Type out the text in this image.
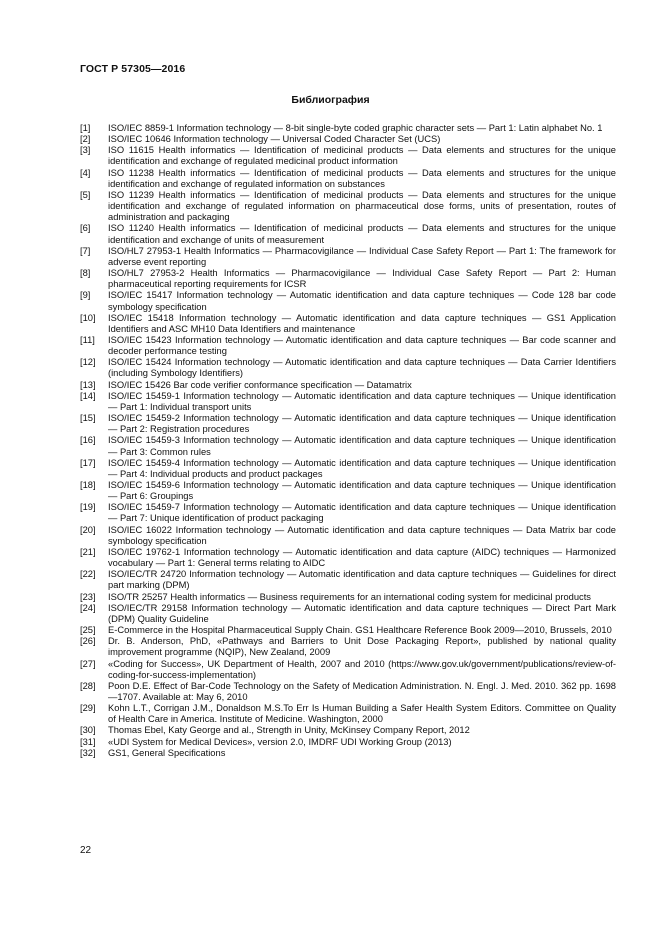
ГОСТ Р 57305—2016
Библиография
[1]	ISO/IEC 8859-1 Information technology — 8-bit single-byte coded graphic character sets — Part 1: Latin alphabet No. 1
[2]	ISO/IEC 10646 Information technology — Universal Coded Character Set (UCS)
[3]	ISO 11615 Health informatics — Identification of medicinal products — Data elements and structures for the unique identification and exchange of regulated medicinal product information
[4]	ISO 11238 Health informatics — Identification of medicinal products — Data elements and structures for the unique identification and exchange of regulated information on substances
[5]	ISO 11239 Health informatics — Identification of medicinal products — Data elements and structures for the unique identification and exchange of regulated information on pharmaceutical dose forms, units of presentation, routes of administration and packaging
[6]	ISO 11240 Health informatics — Identification of medicinal products — Data elements and structures for the unique identification and exchange of units of measurement
[7]	ISO/HL7 27953-1 Health Informatics — Pharmacovigilance — Individual Case Safety Report — Part 1: The framework for adverse event reporting
[8]	ISO/HL7 27953-2 Health Informatics — Pharmacovigilance — Individual Case Safety Report — Part 2: Human pharmaceutical reporting requirements for ICSR
[9]	ISO/IEC 15417 Information technology — Automatic identification and data capture techniques — Code 128 bar code symbology specification
[10]	ISO/IEC 15418 Information technology — Automatic identification and data capture techniques — GS1 Application Identifiers and ASC MH10 Data Identifiers and maintenance
[11]	ISO/IEC 15423 Information technology — Automatic identification and data capture techniques — Bar code scanner and decoder performance testing
[12]	ISO/IEC 15424 Information technology — Automatic identification and data capture techniques — Data Carrier Identifiers (including Symbology Identifiers)
[13]	ISO/IEC 15426 Bar code verifier conformance specification — Datamatrix
[14]	ISO/IEC 15459-1 Information technology — Automatic identification and data capture techniques — Unique identification — Part 1: Individual transport units
[15]	ISO/IEC 15459-2 Information technology — Automatic identification and data capture techniques — Unique identification — Part 2: Registration procedures
[16]	ISO/IEC 15459-3 Information technology — Automatic identification and data capture techniques — Unique identification — Part 3: Common rules
[17]	ISO/IEC 15459-4 Information technology — Automatic identification and data capture techniques — Unique identification — Part 4: Individual products and product packages
[18]	ISO/IEC 15459-6 Information technology — Automatic identification and data capture techniques — Unique identification — Part 6: Groupings
[19]	ISO/IEC 15459-7 Information technology — Automatic identification and data capture techniques — Unique identification — Part 7: Unique identification of product packaging
[20]	ISO/IEC 16022 Information technology — Automatic identification and data capture techniques — Data Matrix bar code symbology specification
[21]	ISO/IEC 19762-1 Information technology — Automatic identification and data capture (AIDC) techniques — Harmonized vocabulary — Part 1: General terms relating to AIDC
[22]	ISO/IEC/TR 24720 Information technology — Automatic identification and data capture techniques — Guidelines for direct part marking (DPM)
[23]	ISO/TR 25257 Health informatics — Business requirements for an international coding system for medicinal products
[24]	ISO/IEC/TR 29158 Information technology — Automatic identification and data capture techniques — Direct Part Mark (DPM) Quality Guideline
[25]	E-Commerce in the Hospital Pharmaceutical Supply Chain. GS1 Healthcare Reference Book 2009—2010, Brussels, 2010
[26]	Dr. B. Anderson, PhD, «Pathways and Barriers to Unit Dose Packaging Report», published by national quality improvement programme (NQIP), New Zealand, 2009
[27]	«Coding for Success», UK Department of Health, 2007 and 2010 (https://www.gov.uk/government/publications/review-of-coding-for-success-implementation)
[28]	Poon D.E. Effect of Bar-Code Technology on the Safety of Medication Administration. N. Engl. J. Med. 2010. 362 pp. 1698—1707. Available at: May 6, 2010
[29]	Kohn L.T., Corrigan J.M., Donaldson M.S.To Err Is Human Building a Safer Health System Editors. Committee on Quality of Health Care in America. Institute of Medicine. Washington, 2000
[30]	Thomas Ebel, Katy George and al., Strength in Unity, McKinsey Company Report, 2012
[31]	«UDI System for Medical Devices», version 2.0, IMDRF UDI Working Group (2013)
[32]	GS1, General Specifications
22
